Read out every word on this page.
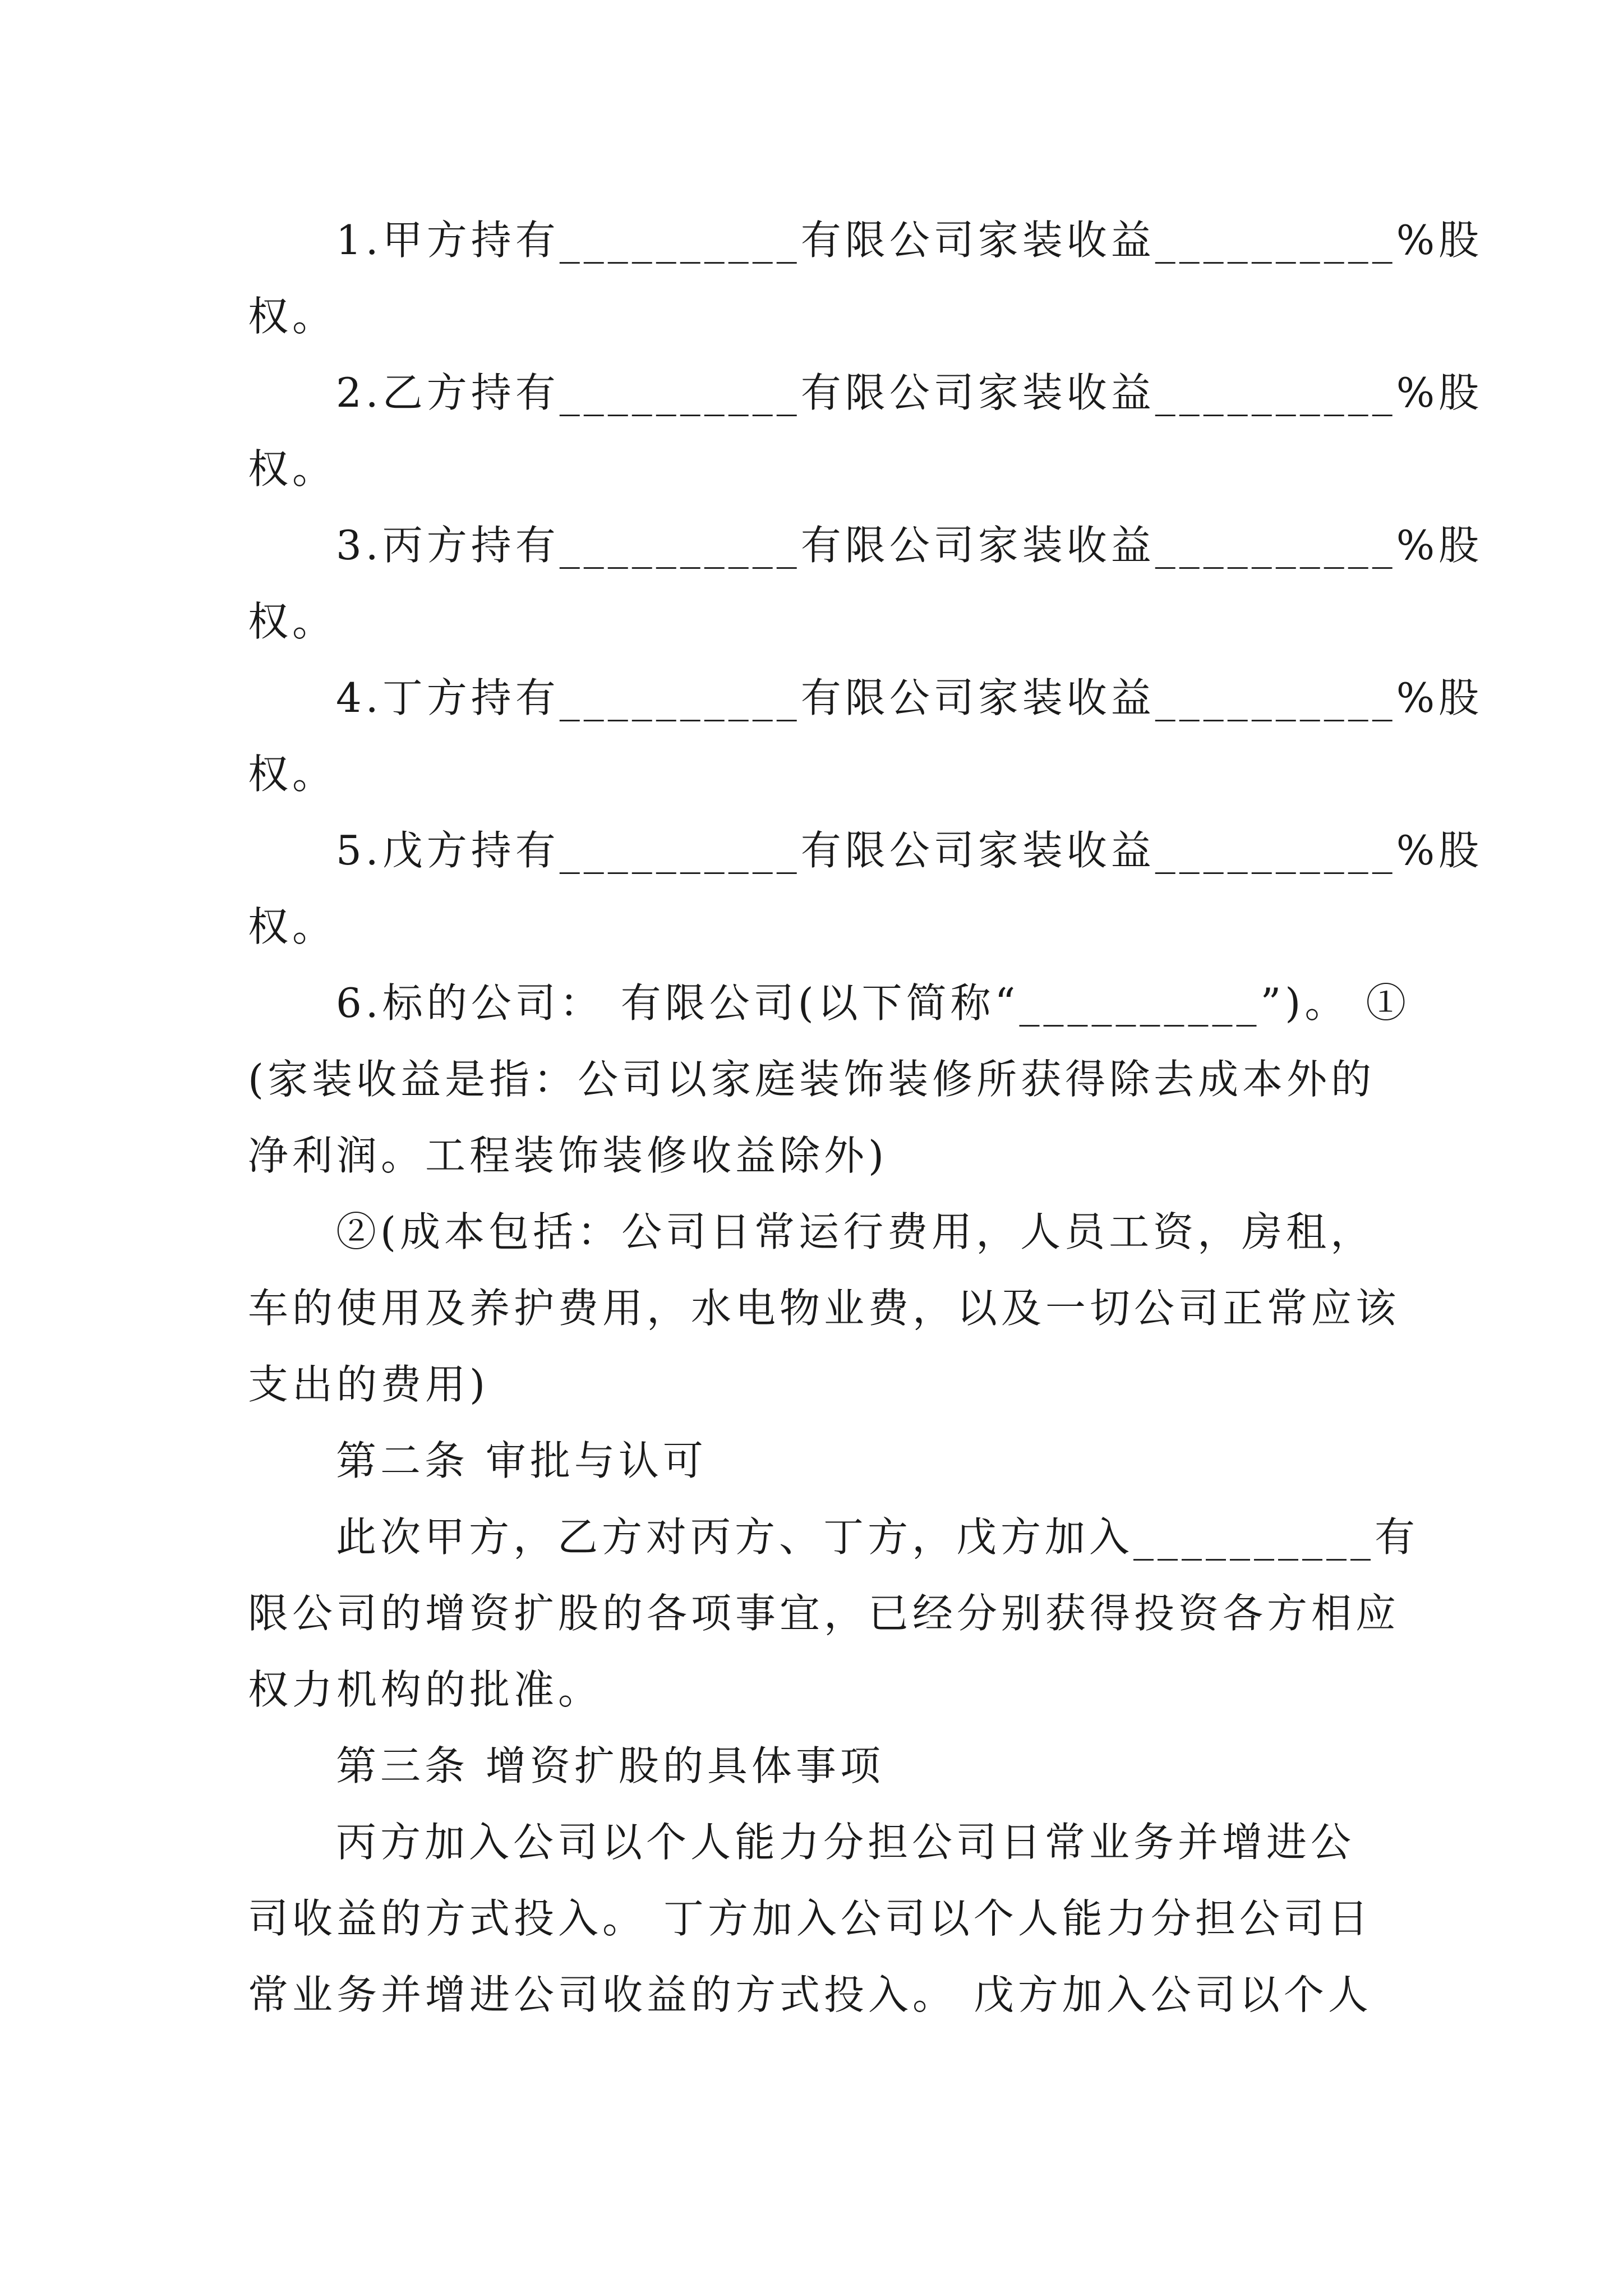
1.甲方持有__________有限公司家装收益__________%股

权。

2.乙方持有__________有限公司家装收益__________%股

权。

3.丙方持有__________有限公司家装收益__________%股

权。

4.丁方持有__________有限公司家装收益__________%股

权。

5.戊方持有__________有限公司家装收益__________%股

权。

6.标的公司： 有限公司(以下简称“__________”)。 ①

(家装收益是指：公司以家庭装饰装修所获得除去成本外的

净利润。工程装饰装修收益除外)

②(成本包括：公司日常运行费用，人员工资，房租，

车的使用及养护费用，水电物业费，以及一切公司正常应该

支出的费用)

第二条 审批与认可

此次甲方，乙方对丙方、丁方，戊方加入__________有

限公司的增资扩股的各项事宜，已经分别获得投资各方相应

权力机构的批准。

第三条 增资扩股的具体事项

丙方加入公司以个人能力分担公司日常业务并增进公

司收益的方式投入。 丁方加入公司以个人能力分担公司日

常业务并增进公司收益的方式投入。 戊方加入公司以个人
